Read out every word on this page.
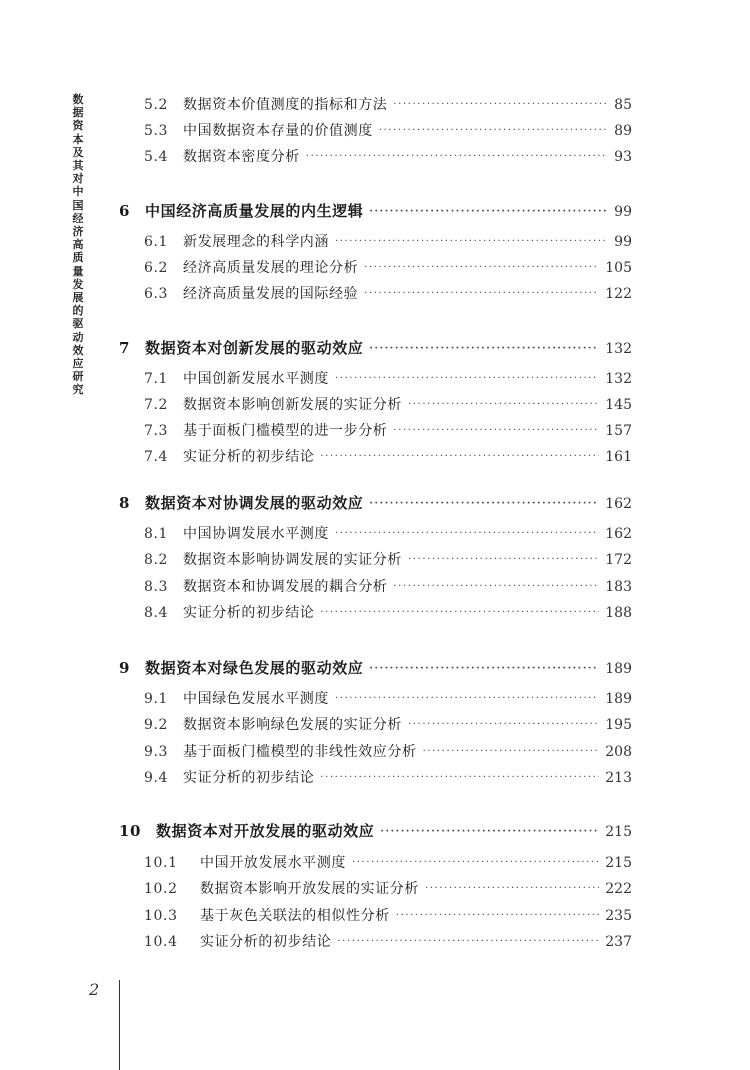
数据资本及其对中国经济高质量发展的驱动效应研究
5.2	数据资本价值测度的指标和方法 ·····	85
5.3	中国数据资本存量的价值测度 ·····	89
5.4	数据资本密度分析 ·····	93
6 中国经济高质量发展的内生逻辑 ·····	99
6.1	新发展理念的科学内涵 ·····	99
6.2	经济高质量发展的理论分析 ·····	105
6.3	经济高质量发展的国际经验 ·····	122
7 数据资本对创新发展的驱动效应 ·····	132
7.1	中国创新发展水平测度 ·····	132
7.2	数据资本影响创新发展的实证分析 ·····	145
7.3	基于面板门槛模型的进一步分析 ·····	157
7.4	实证分析的初步结论 ·····	161
8 数据资本对协调发展的驱动效应 ·····	162
8.1	中国协调发展水平测度 ·····	162
8.2	数据资本影响协调发展的实证分析 ·····	172
8.3	数据资本和协调发展的耦合分析 ·····	183
8.4	实证分析的初步结论 ·····	188
9 数据资本对绿色发展的驱动效应 ·····	189
9.1	中国绿色发展水平测度 ·····	189
9.2	数据资本影响绿色发展的实证分析 ·····	195
9.3	基于面板门槛模型的非线性效应分析 ·····	208
9.4	实证分析的初步结论 ·····	213
10 数据资本对开放发展的驱动效应 ·····	215
10.1	中国开放发展水平测度 ·····	215
10.2	数据资本影响开放发展的实证分析 ·····	222
10.3	基于灰色关联法的相似性分析 ·····	235
10.4	实证分析的初步结论 ·····	237
2
